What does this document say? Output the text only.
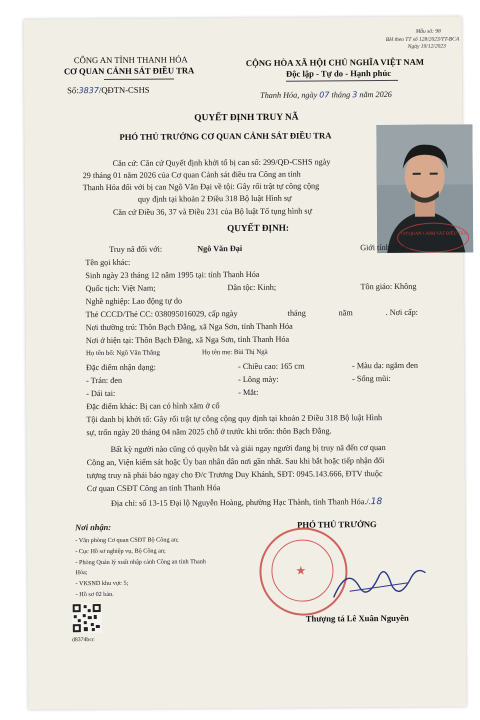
Mẫu số: 98
BH theo TT số 128/2023/TT-BCA
Ngày 19/12/2023
CÔNG AN TỈNH THANH HÓA
CƠ QUAN CẢNH SÁT ĐIỀU TRA
Số:3837/QĐTN-CSHS
CỘNG HÒA XÃ HỘI CHỦ NGHĨA VIỆT NAM
Độc lập - Tự do - Hạnh phúc
Thanh Hóa, ngày 07 tháng 3 năm 2026
QUYẾT ĐỊNH TRUY NÃ
PHÓ THỦ TRƯỞNG CƠ QUAN CẢNH SÁT ĐIỀU TRA
CƠ QUAN CẢNH SÁT ĐIỀU TRA
Căn cứ: Căn cứ Quyết định khởi tố bị can số: 299/QĐ-CSHS ngày
29 tháng 01 năm 2026 của Cơ quan Cảnh sát điều tra Công an tỉnh
Thanh Hóa đối với bị can Ngô Văn Đại về tội: Gây rối trật tự công cộng
quy định tại khoản 2 Điều 318 Bộ luật Hình sự
Căn cứ Điều 36, 37 và Điều 231 của Bộ luật Tố tụng hình sự
QUYẾT ĐỊNH:
Truy nã đối với:	Ngô Văn Đại	Giới tính: Nam
Tên gọi khác:
Sinh ngày 23 tháng 12 năm 1995 tại: tỉnh Thanh Hóa
Quốc tịch: Việt Nam;	Dân tộc: Kinh;	Tôn giáo: Không
Nghề nghiệp: Lao động tự do
Thẻ CCCD/Thẻ CC: 038095016029, cấp ngày	tháng	năm	. Nơi cấp:
Nơi thường trú: Thôn Bạch Đằng, xã Nga Sơn, tỉnh Thanh Hóa
Nơi ở hiện tại: Thôn Bạch Đằng, xã Nga Sơn, tỉnh Thanh Hóa
Họ tên bố: Ngô Văn Thắng	Họ tên mẹ: Bùi Thị Ngà
Đặc điểm nhận dạng:	- Chiều cao: 165 cm	- Màu da: ngăm đen
- Trán: đen	- Lông mày:	- Sống mũi:
- Dái tai:	- Mắt:
Đặc điểm khác: Bị can có hình xăm ở cổ
Tội danh bị khởi tố: Gây rối trật tự công cộng quy định tại khoản 2 Điều 318 Bộ luật Hình
sự, trốn ngày 20 tháng 04 năm 2025 chỗ ở trước khi trốn: thôn Bạch Đằng.
Bất kỳ người nào cũng có quyền bắt và giải ngay người đang bị truy nã đến cơ quan
Công an, Viện kiểm sát hoặc Ủy ban nhân dân nơi gần nhất. Sau khi bắt hoặc tiếp nhận đối
tượng truy nã phải báo ngay cho Đ/c Trương Duy Khánh, SĐT: 0945.143.666, ĐTV thuộc
Cơ quan CSĐT Công an tỉnh Thanh Hóa
Địa chỉ: số 13-15 Đại lộ Nguyễn Hoàng, phường Hạc Thành, tỉnh Thanh Hóa./.18
Nơi nhận:
- Văn phòng Cơ quan CSĐT Bộ Công an;
- Cục Hồ sơ nghiệp vụ, Bộ Công an;
- Phòng Quản lý xuất nhập cảnh Công an tỉnh Thanh
Hóa;
- VKSND khu vực 5;
- Hồ sơ 02 bản.
d8374bcc
PHÓ THỦ TRƯỞNG
★
Thượng tá Lê Xuân Nguyên
